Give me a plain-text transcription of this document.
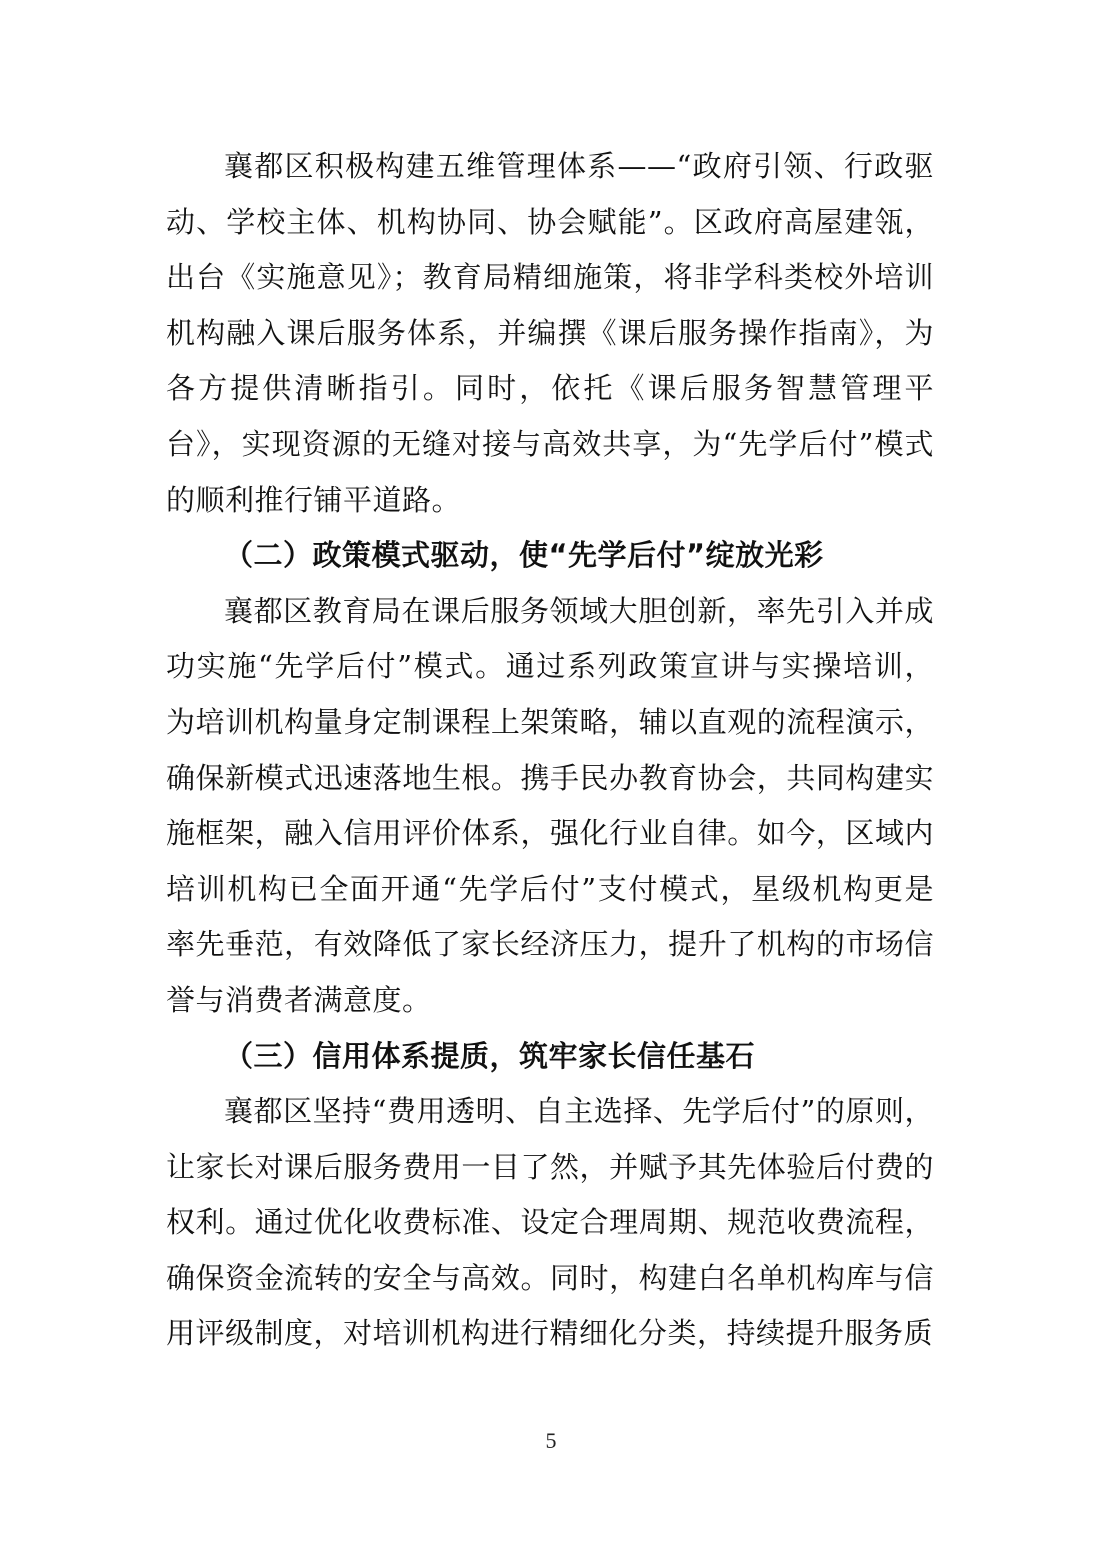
襄都区积极构建五维管理体系——“政府引领、行政驱动、学校主体、机构协同、协会赋能”。区政府高屋建瓴，出台《实施意见》；教育局精细施策，将非学科类校外培训机构融入课后服务体系，并编撰《课后服务操作指南》，为各方提供清晰指引。同时，依托《课后服务智慧管理平台》，实现资源的无缝对接与高效共享，为“先学后付”模式的顺利推行铺平道路。

（二）政策模式驱动，使“先学后付”绽放光彩

襄都区教育局在课后服务领域大胆创新，率先引入并成功实施“先学后付”模式。通过系列政策宣讲与实操培训，为培训机构量身定制课程上架策略，辅以直观的流程演示，确保新模式迅速落地生根。携手民办教育协会，共同构建实施框架，融入信用评价体系，强化行业自律。如今，区域内培训机构已全面开通“先学后付”支付模式，星级机构更是率先垂范，有效降低了家长经济压力，提升了机构的市场信誉与消费者满意度。

（三）信用体系提质，筑牢家长信任基石

襄都区坚持“费用透明、自主选择、先学后付”的原则，让家长对课后服务费用一目了然，并赋予其先体验后付费的权利。通过优化收费标准、设定合理周期、规范收费流程，确保资金流转的安全与高效。同时，构建白名单机构库与信用评级制度，对培训机构进行精细化分类，持续提升服务质

5
